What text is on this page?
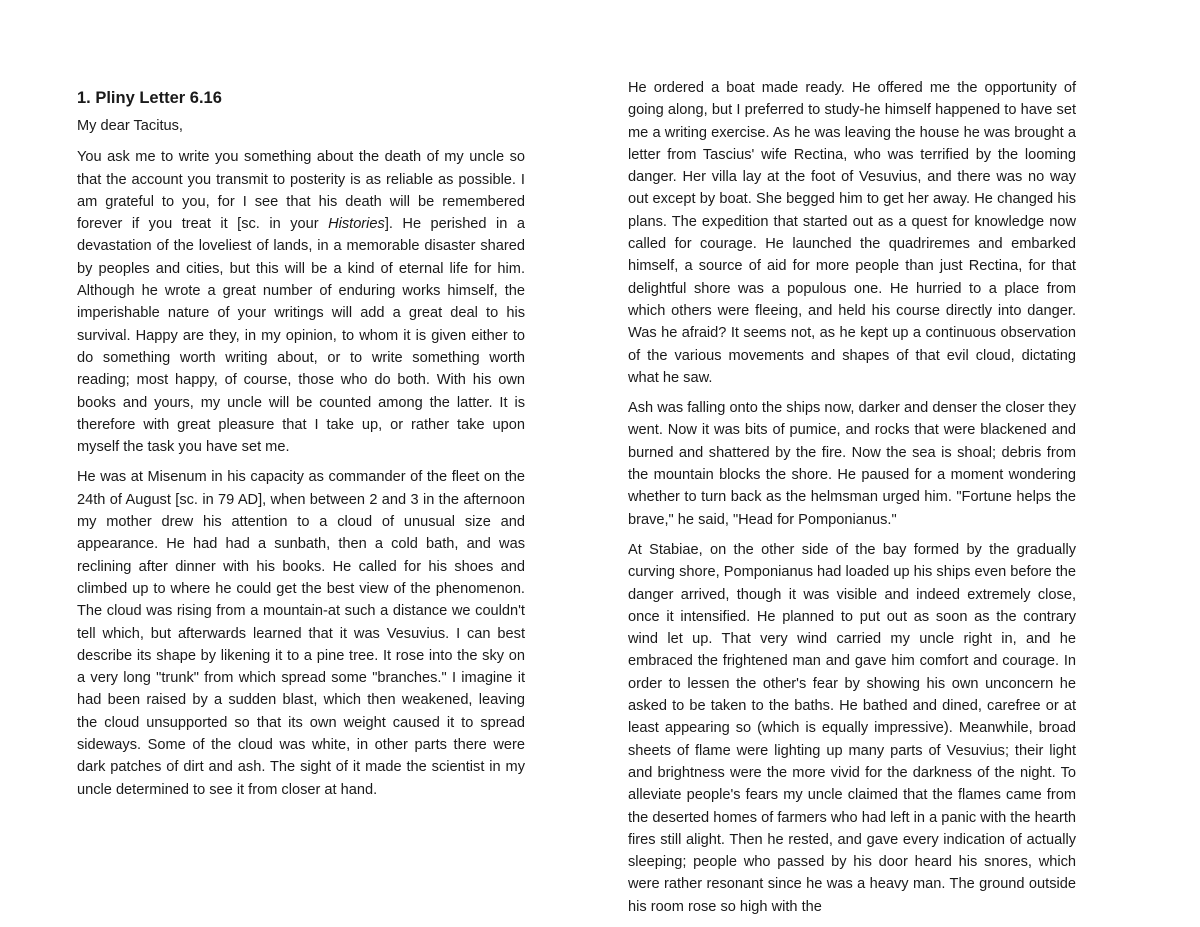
1. Pliny Letter 6.16
My dear Tacitus,

You ask me to write you something about the death of my uncle so that the account you transmit to posterity is as reliable as possible. I am grateful to you, for I see that his death will be remembered forever if you treat it [sc. in your Histories]. He perished in a devastation of the loveliest of lands, in a memorable disaster shared by peoples and cities, but this will be a kind of eternal life for him. Although he wrote a great number of enduring works himself, the imperishable nature of your writings will add a great deal to his survival. Happy are they, in my opinion, to whom it is given either to do something worth writing about, or to write something worth reading; most happy, of course, those who do both. With his own books and yours, my uncle will be counted among the latter. It is therefore with great pleasure that I take up, or rather take upon myself the task you have set me.

He was at Misenum in his capacity as commander of the fleet on the 24th of August [sc. in 79 AD], when between 2 and 3 in the afternoon my mother drew his attention to a cloud of unusual size and appearance. He had had a sunbath, then a cold bath, and was reclining after dinner with his books. He called for his shoes and climbed up to where he could get the best view of the phenomenon. The cloud was rising from a mountain-at such a distance we couldn't tell which, but afterwards learned that it was Vesuvius. I can best describe its shape by likening it to a pine tree. It rose into the sky on a very long "trunk" from which spread some "branches." I imagine it had been raised by a sudden blast, which then weakened, leaving the cloud unsupported so that its own weight caused it to spread sideways. Some of the cloud was white, in other parts there were dark patches of dirt and ash. The sight of it made the scientist in my uncle determined to see it from closer at hand.

He ordered a boat made ready. He offered me the opportunity of going along, but I preferred to study-he himself happened to have set me a writing exercise. As he was leaving the house he was brought a letter from Tascius' wife Rectina, who was terrified by the looming danger. Her villa lay at the foot of Vesuvius, and there was no way out except by boat. She begged him to get her away. He changed his plans. The expedition that started out as a quest for knowledge now called for courage. He launched the quadriremes and embarked himself, a source of aid for more people than just Rectina, for that delightful shore was a populous one. He hurried to a place from which others were fleeing, and held his course directly into danger. Was he afraid? It seems not, as he kept up a continuous observation of the various movements and shapes of that evil cloud, dictating what he saw.

Ash was falling onto the ships now, darker and denser the closer they went. Now it was bits of pumice, and rocks that were blackened and burned and shattered by the fire. Now the sea is shoal; debris from the mountain blocks the shore. He paused for a moment wondering whether to turn back as the helmsman urged him. "Fortune helps the brave," he said, "Head for Pomponianus."

At Stabiae, on the other side of the bay formed by the gradually curving shore, Pomponianus had loaded up his ships even before the danger arrived, though it was visible and indeed extremely close, once it intensified. He planned to put out as soon as the contrary wind let up. That very wind carried my uncle right in, and he embraced the frightened man and gave him comfort and courage. In order to lessen the other's fear by showing his own unconcern he asked to be taken to the baths. He bathed and dined, carefree or at least appearing so (which is equally impressive). Meanwhile, broad sheets of flame were lighting up many parts of Vesuvius; their light and brightness were the more vivid for the darkness of the night. To alleviate people's fears my uncle claimed that the flames came from the deserted homes of farmers who had left in a panic with the hearth fires still alight. Then he rested, and gave every indication of actually sleeping; people who passed by his door heard his snores, which were rather resonant since he was a heavy man. The ground outside his room rose so high with the
